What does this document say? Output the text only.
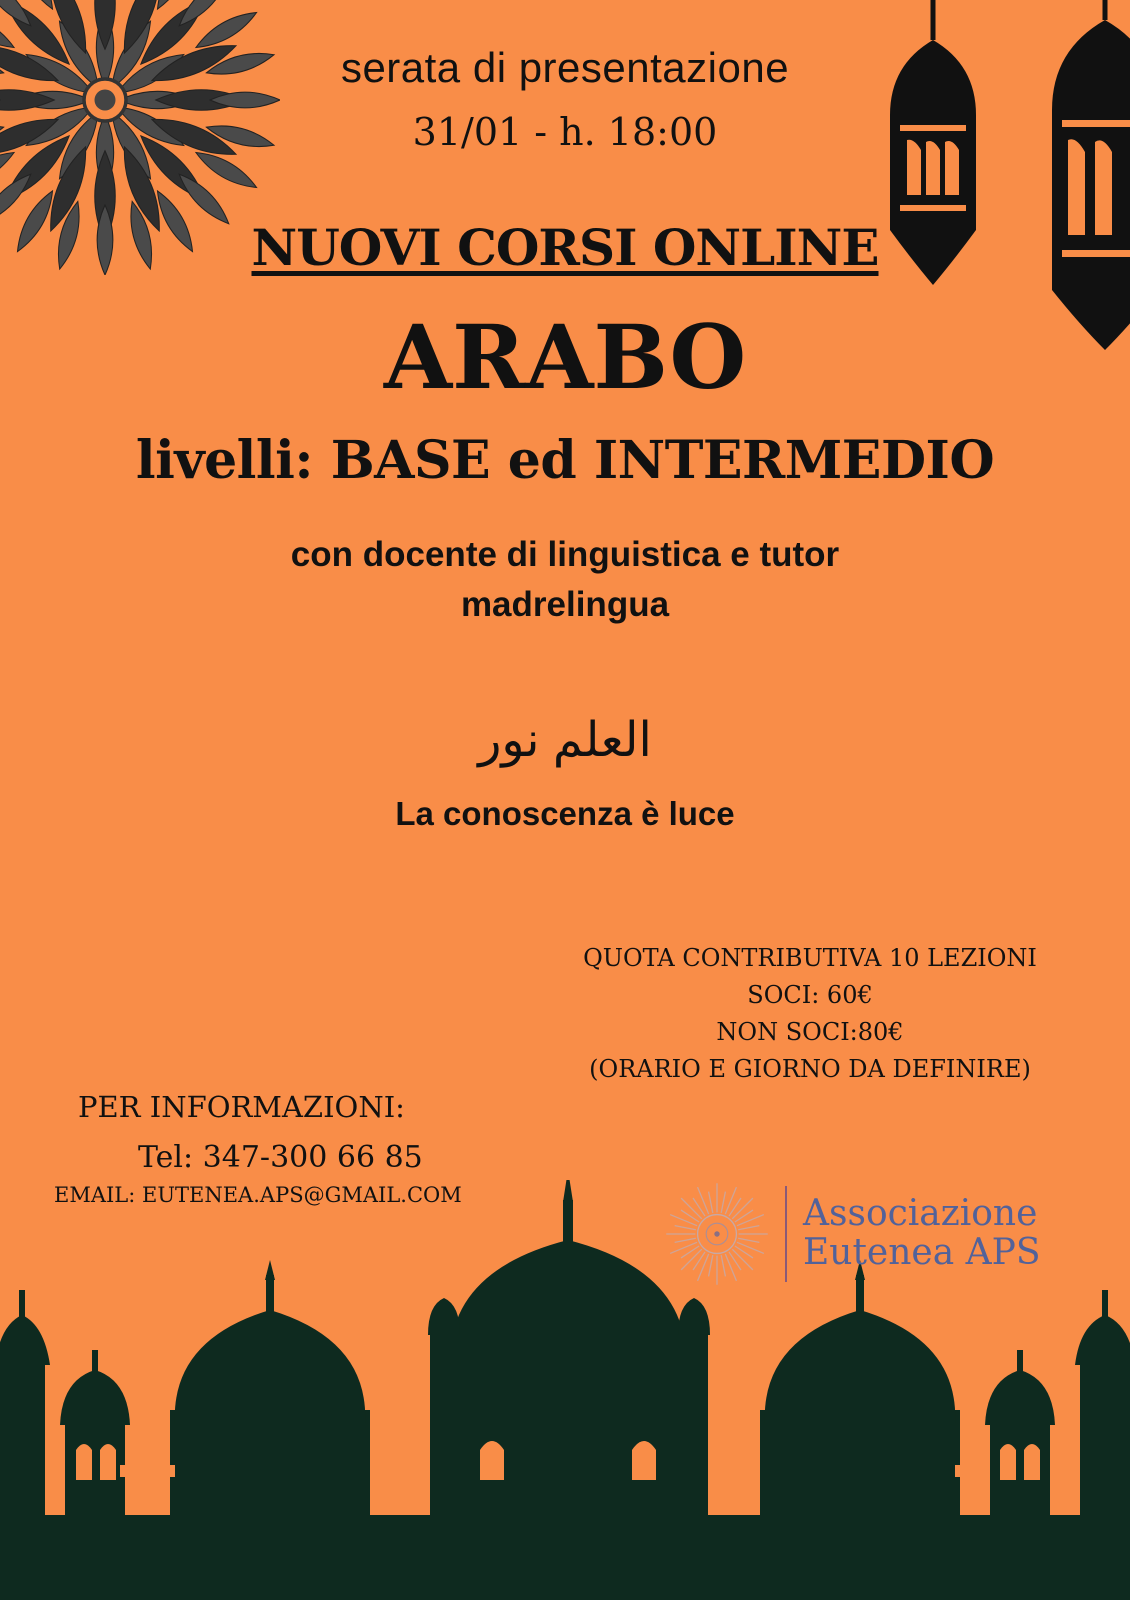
serata di presentazione
31/01 - h. 18:00
NUOVI CORSI ONLINE
ARABO
livelli: BASE ed INTERMEDIO
con docente di linguistica e tutor
madrelingua
العلم نور
La conoscenza è luce
QUOTA CONTRIBUTIVA 10 LEZIONI
SOCI: 60€
NON SOCI:80€
(ORARIO E GIORNO DA DEFINIRE)
PER INFORMAZIONI:
Tel: 347-300 66 85
EMAIL: EUTENEA.APS@GMAIL.COM	Associazione
Eutenea APS
